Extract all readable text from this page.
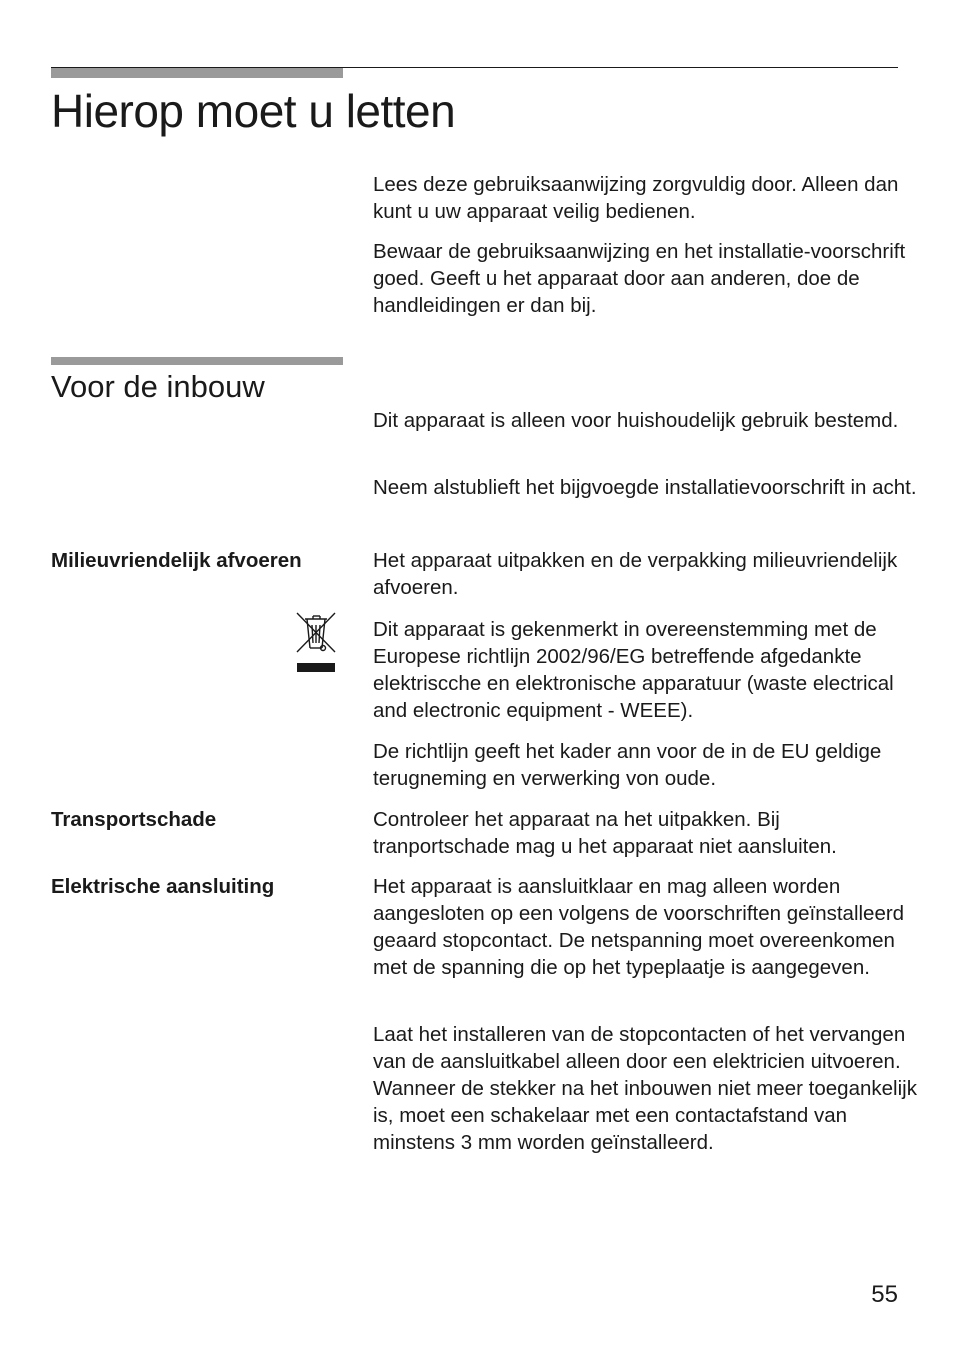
Hierop moet u letten

Lees deze gebruiksaanwijzing zorgvuldig door. Alleen dan kunt u uw apparaat veilig bedienen.

Bewaar de gebruiksaanwijzing en het installatie-voorschrift goed. Geeft u het apparaat door aan anderen, doe de handleidingen er dan bij.

Voor de inbouw

Dit apparaat is alleen voor huishoudelijk gebruik bestemd.

Neem alstublieft het bijgvoegde installatievoorschrift in acht.

Milieuvriendelijk afvoeren	Het apparaat uitpakken en de verpakking milieuvriendelijk afvoeren.

Dit apparaat is gekenmerkt in overeenstemming met de Europese richtlijn 2002/96/EG betreffende afgedankte elektriscche en elektronische apparatuur (waste electrical and electronic equipment - WEEE).

De richtlijn geeft het kader ann voor de in de EU geldige terugneming en verwerking von oude.

Transportschade	Controleer het apparaat na het uitpakken. Bij tranportschade mag u het apparaat niet aansluiten.

Elektrische aansluiting	Het apparaat is aansluitklaar en mag alleen worden aangesloten op een volgens de voorschriften geïnstalleerd geaard stopcontact. De netspanning moet overeenkomen met de spanning die op het typeplaatje is aangegeven.

Laat het installeren van de stopcontacten of het vervangen van de aansluitkabel alleen door een elektricien uitvoeren. Wanneer de stekker na het inbouwen niet meer toegankelijk is, moet een schakelaar met een contactafstand van minstens 3 mm worden geïnstalleerd.

55
